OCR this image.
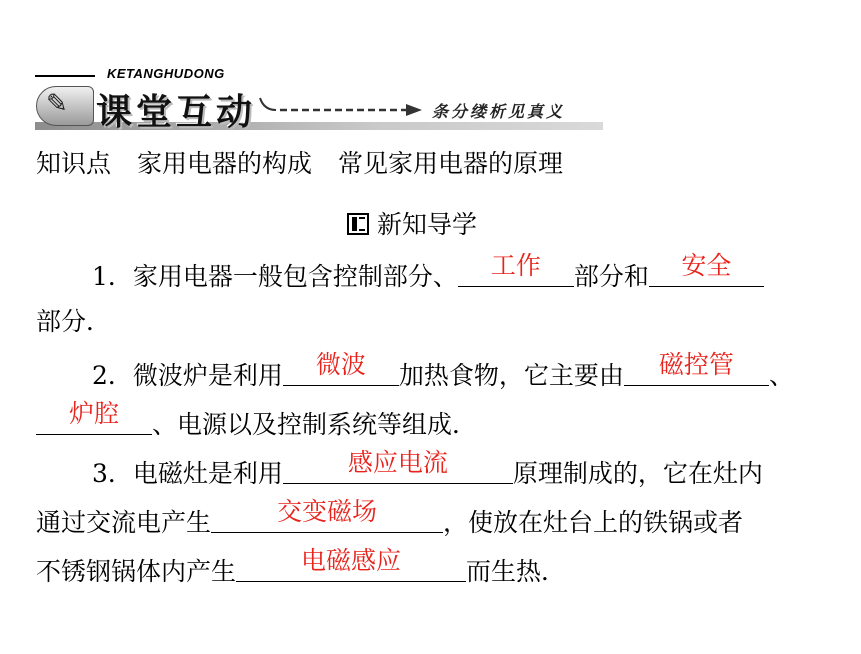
KETANGHUDONG
✎ 课堂互动	条分缕析见真义
知识点 家用电器的构成 常见家用电器的原理
新知导学
1．家用电器一般包含控制部分、	工作	部分和	安全
部分．
2．微波炉是利用	微波	加热食物，它主要由	磁控管	、
炉腔	、电源以及控制系统等组成．
3．电磁灶是利用	感应电流	原理制成的，它在灶内
通过交流电产生	交变磁场	，使放在灶台上的铁锅或者
不锈钢锅体内产生	电磁感应	而生热．
